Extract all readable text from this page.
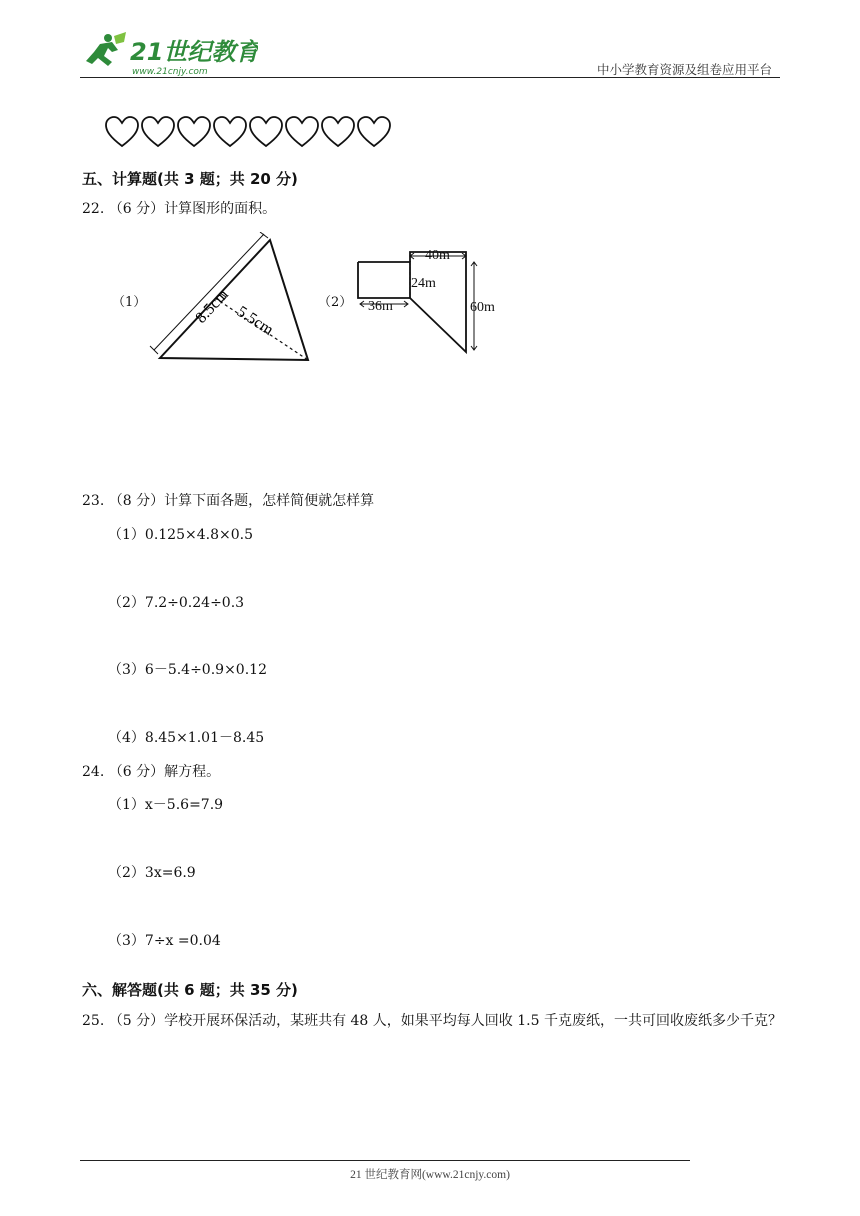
21世纪教育
www.21cnjy.com	中小学教育资源及组卷应用平台
五、计算题(共 3 题；共 20 分)
22. （6 分）计算图形的面积。
（1）	8.5cm 5.5cm
（2）
40m
24m
60m
36m
23. （8 分）计算下面各题，怎样简便就怎样算
（1）0.125×4.8×0.5
（2）7.2÷0.24÷0.3
（3）6－5.4÷0.9×0.12
（4）8.45×1.01－8.45
24. （6 分）解方程。
（1）x－5.6=7.9
（2）3x=6.9
（3）7÷x =0.04
六、解答题(共 6 题；共 35 分)
25. （5 分）学校开展环保活动，某班共有 48 人，如果平均每人回收 1.5 千克废纸，一共可回收废纸多少千克？
21 世纪教育网(www.21cnjy.com)
